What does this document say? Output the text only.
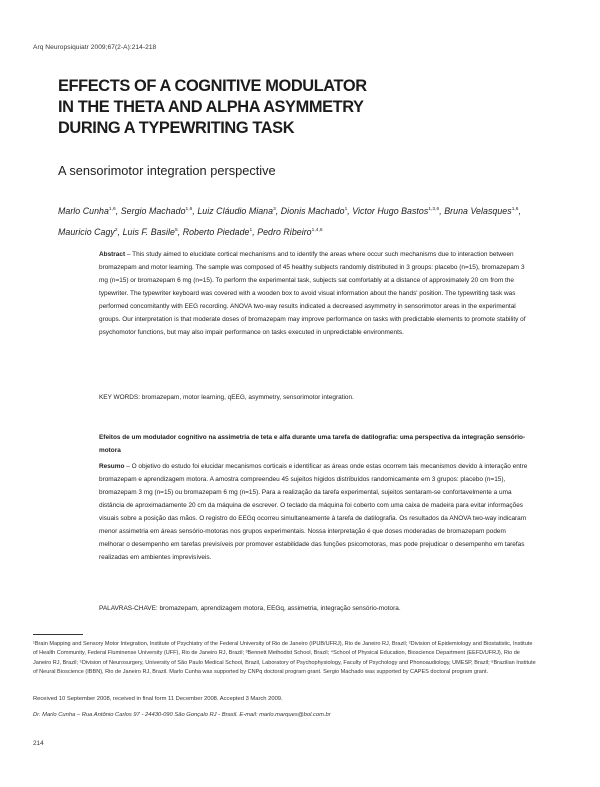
Arq Neuropsiquiatr 2009;67(2-A):214-218
EFFECTS OF A COGNITIVE MODULATOR
IN THE THETA AND ALPHA ASYMMETRY
DURING A TYPEWRITING TASK
A sensorimotor integration perspective
Marlo Cunha$^{1,6}$, Sergio Machado$^{1,6}$, Luiz Cláudio Miana$^3$, Dionis Machado$^1$, Victor Hugo Bastos$^{1,3,6}$, Bruna Velasques$^{1,6}$, Mauricio Cagy$^2$, Luis F. Basile$^5$, Roberto Piedade$^1$, Pedro Ribeiro$^{1,4,6}$

Abstract – This study aimed to elucidate cortical mechanisms and to identify the areas where occur such mechanisms due to interaction between bromazepam and motor learning. The sample was composed of 45 healthy subjects randomly distributed in 3 groups: placebo (n=15), bromazepam 3 mg (n=15) or bromazepam 6 mg (n=15). To perform the experimental task, subjects sat comfortably at a distance of approximately 20 cm from the typewriter. The typewriter keyboard was covered with a wooden box to avoid visual information about the hands' position. The typewriting task was performed concomitantly with EEG recording. ANOVA two-way results indicated a decreased asymmetry in sensorimotor areas in the experimental groups. Our interpretation is that moderate doses of bromazepam may improve performance on tasks with predictable elements to promote stability of psychomotor functions, but may also impair performance on tasks executed in unpredictable environments.

KEY WORDS: bromazepam, motor learning, qEEG, asymmetry, sensorimotor integration.
Efeitos de um modulador cognitivo na assimetria de teta e alfa durante uma tarefa de datilografia: uma perspectiva da integração sensório-motora
Resumo – O objetivo do estudo foi elucidar mecanismos corticais e identificar as áreas onde estas ocorrem tais mecanismos devido à interação entre bromazepam e aprendizagem motora. A amostra compreendeu 45 sujeitos hígidos distribuídos randomicamente em 3 grupos: placebo (n=15), bromazepam 3 mg (n=15) ou bromazepam 6 mg (n=15). Para a realização da tarefa experimental, sujeitos sentaram-se confortavelmente a uma distância de aproximadamente 20 cm da máquina de escrever. O teclado da máquina foi coberto com uma caixa de madeira para evitar informações visuais sobre a posição das mãos. O registro do EEGq ocorreu simultaneamente à tarefa de datilografia. Os resultados da ANOVA two-way indicaram menor assimetria em áreas sensório-motoras nos grupos experimentais. Nossa interpretação é que doses moderadas de bromazepam podem melhorar o desempenho em tarefas previsíveis por promover estabilidade das funções psicomotoras, mas pode prejudicar o desempenho em tarefas realizadas em ambientes imprevisíveis.
PALAVRAS-CHAVE: bromazepam, aprendizagem motora, EEGq, assimetria, integração sensório-motora.
¹Brain Mapping and Sensory Motor Integration, Institute of Psychiatry of the Federal University of Rio de Janeiro (IPUB/UFRJ), Rio de Janeiro RJ, Brazil; ²Division of Epidemiology and Biostatistic, Institute of Health Community, Federal Fluminense University (UFF), Rio de Janeiro RJ, Brazil; ³Bennett Methodist School, Brazil; ⁴School of Physical Education, Bioscience Department (EEFD/UFRJ), Rio de Janeiro RJ, Brazil; ⁵Division of Neurosurgery, University of São Paulo Medical School, Brazil, Laboratory of Psychophysiology, Faculty of Psychology and Phonoaudiology, UMESP, Brazil; ⁶Brazilian Institute of Neural Bioscience (IBBN), Rio de Janeiro RJ, Brazil. Marlo Cunha was supported by CNPq doctoral program grant. Sergio Machado was supported by CAPES doctoral program grant.
Received 10 September 2008, received in final form 11 December 2008. Accepted 3 March 2009.
Dr. Marlo Cunha – Rua Antônio Carlos 97 - 24430-090 São Gonçalo RJ - Brasil. E-mail: marlo.marques@bol.com.br
214
